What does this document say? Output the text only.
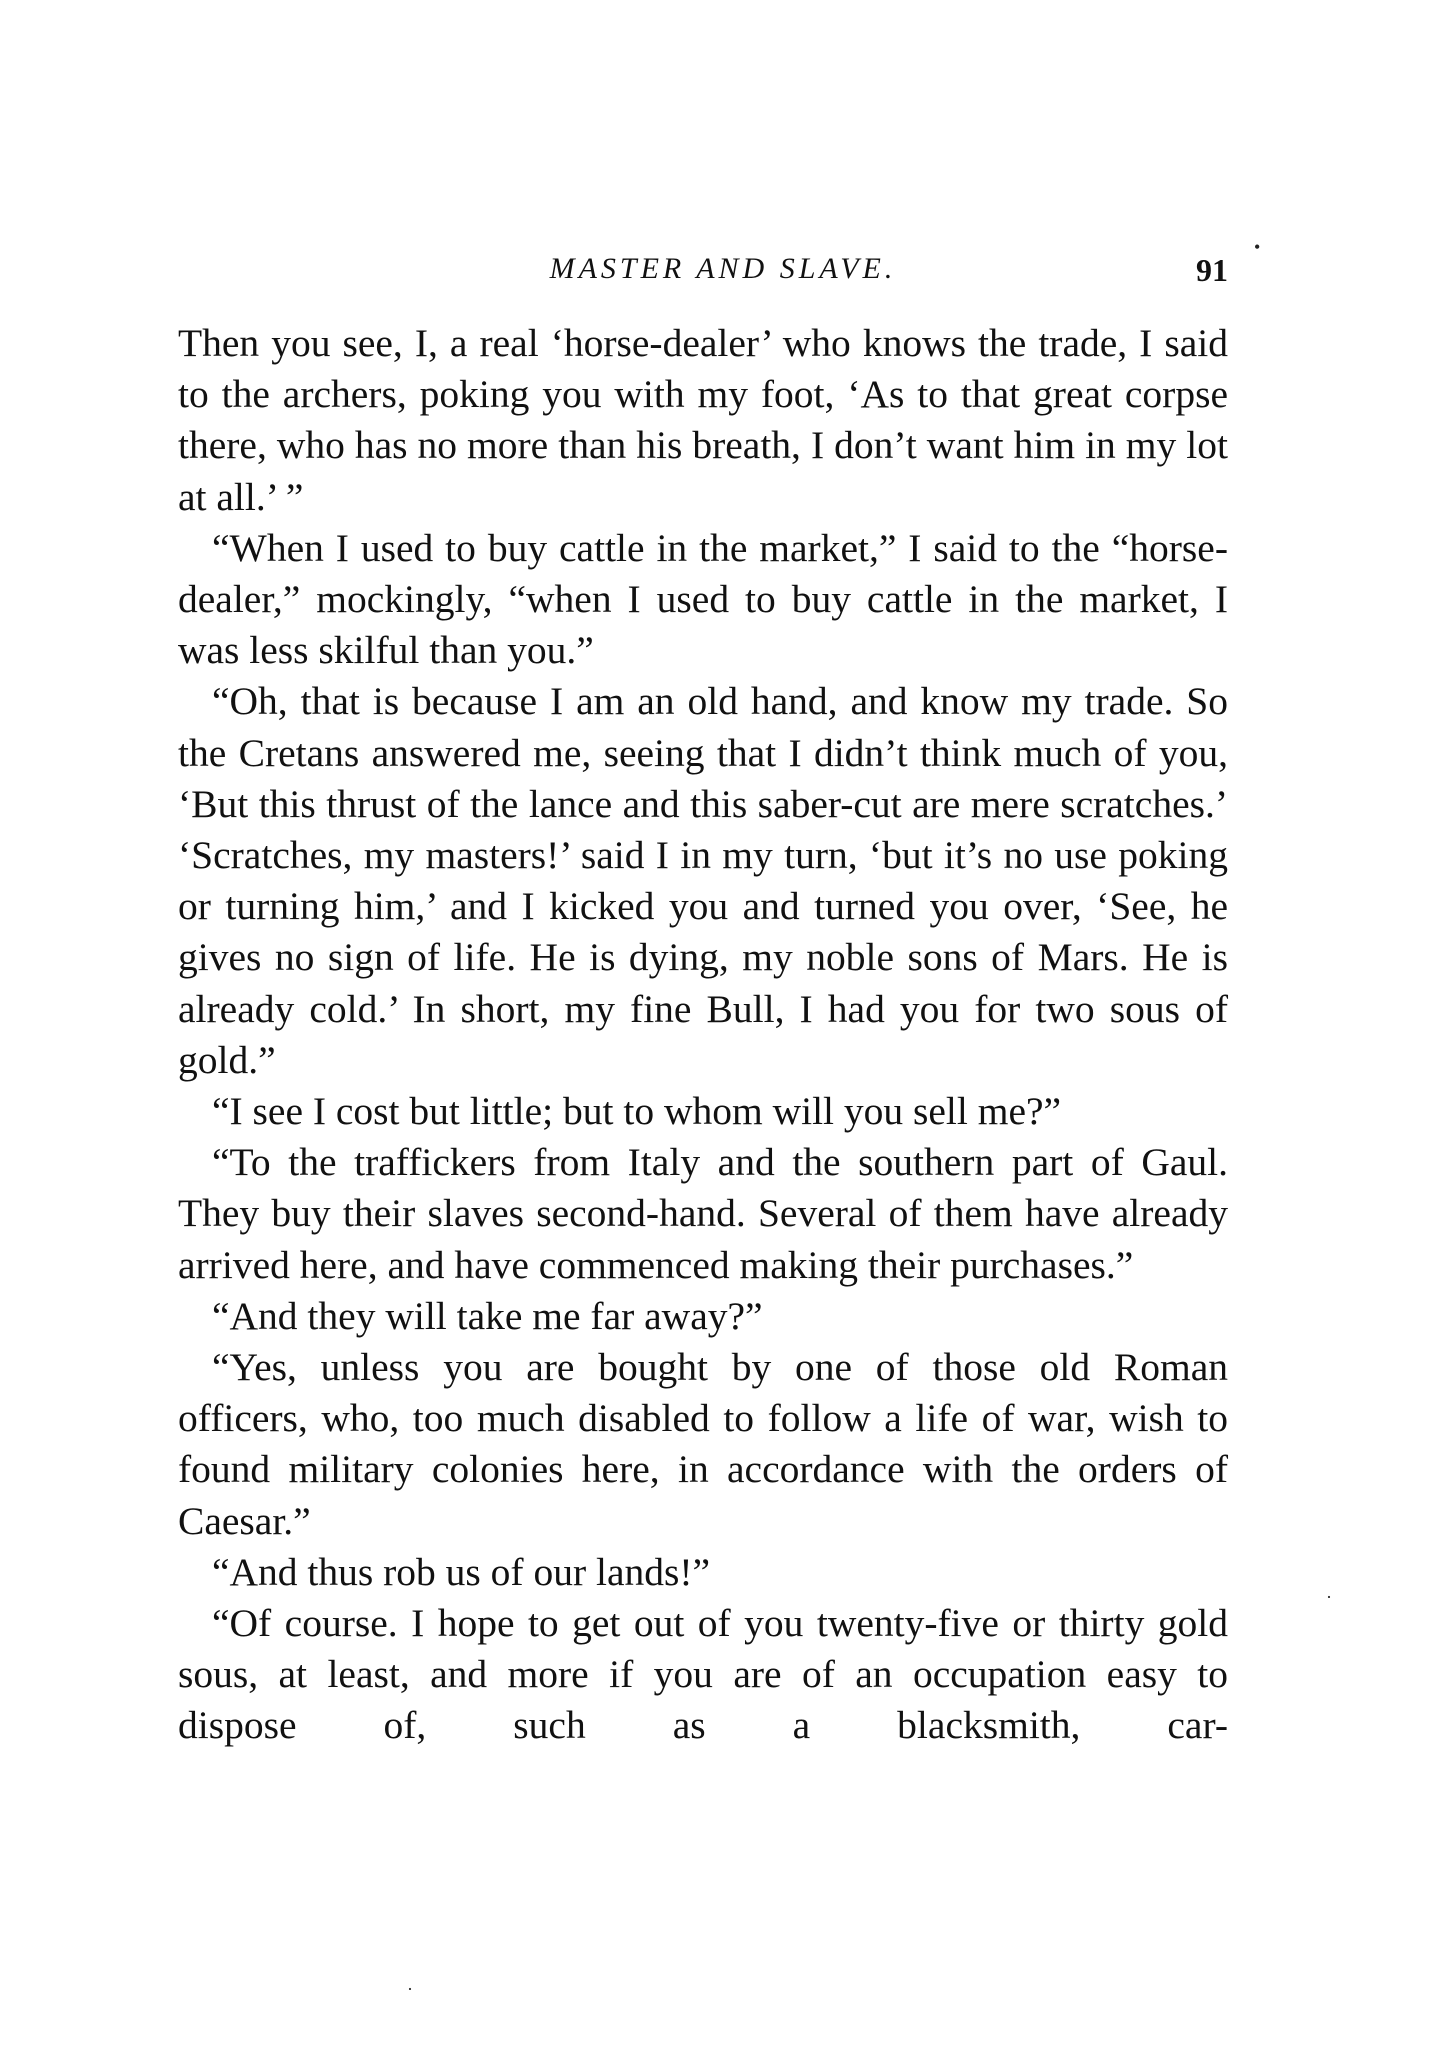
MASTER AND SLAVE.	91

Then you see, I, a real ‘horse-dealer’ who knows the trade, I said to the archers, poking you with my foot, ‘As to that great corpse there, who has no more than his breath, I don’t want him in my lot at all.’ ”

“When I used to buy cattle in the market,” I said to the “horse-dealer,” mockingly, “when I used to buy cattle in the market, I was less skilful than you.”

“Oh, that is because I am an old hand, and know my trade. So the Cretans answered me, seeing that I didn’t think much of you, ‘But this thrust of the lance and this saber-cut are mere scratches.’ ‘Scratches, my masters!’ said I in my turn, ‘but it’s no use poking or turning him,’ and I kicked you and turned you over, ‘See, he gives no sign of life. He is dying, my noble sons of Mars. He is already cold.’ In short, my fine Bull, I had you for two sous of gold.”

“I see I cost but little; but to whom will you sell me?”

“To the traffickers from Italy and the southern part of Gaul. They buy their slaves second-hand. Several of them have already arrived here, and have commenced making their purchases.”

“And they will take me far away?”

“Yes, unless you are bought by one of those old Roman officers, who, too much disabled to follow a life of war, wish to found military colonies here, in accordance with the orders of Caesar.”

“And thus rob us of our lands!”

“Of course. I hope to get out of you twenty-five or thirty gold sous, at least, and more if you are of an occupation easy to dispose of, such as a blacksmith, car-

•
·
·
